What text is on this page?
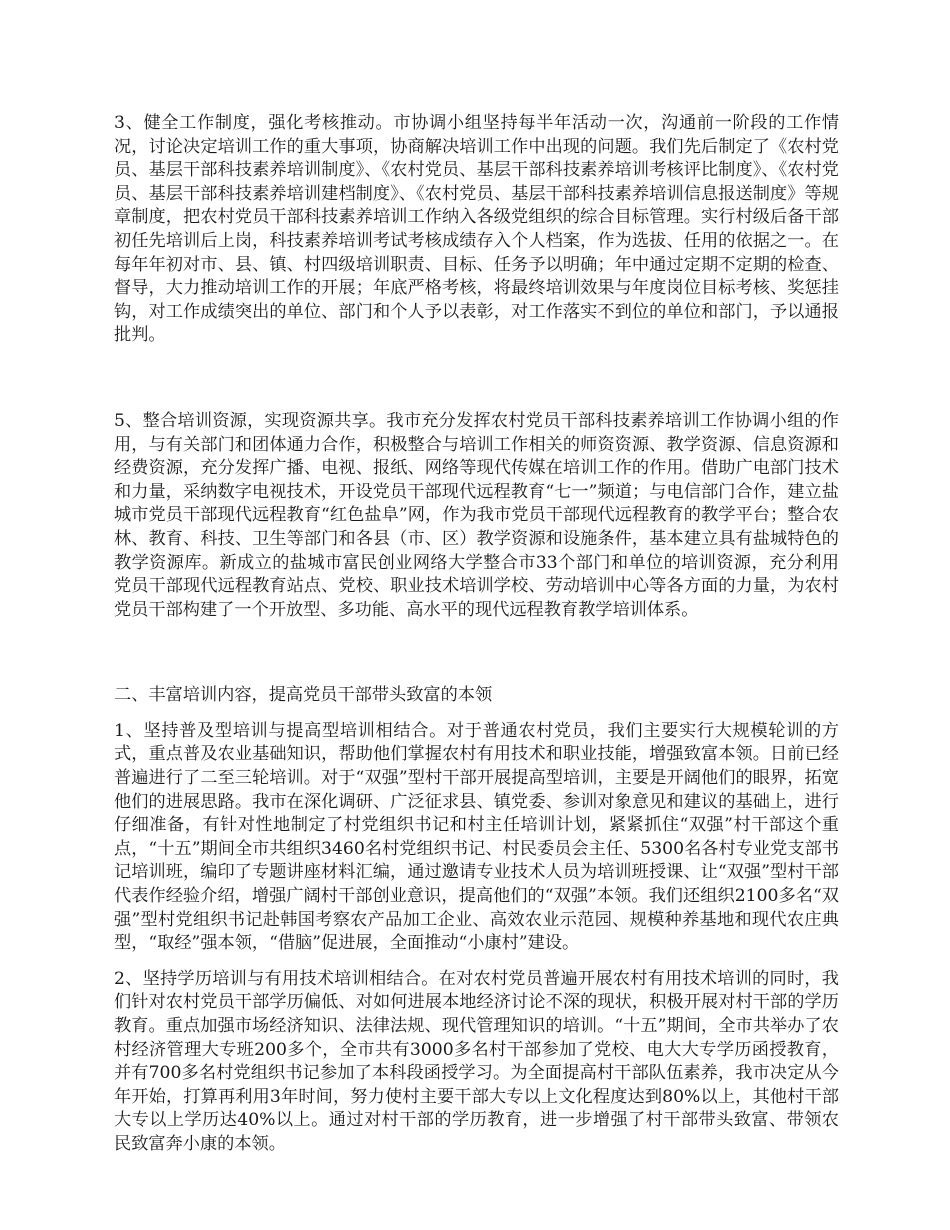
3、健全工作制度，强化考核推动。市协调小组坚持每半年活动一次，沟通前一阶段的工作情况，讨论决定培训工作的重大事项，协商解决培训工作中出现的问题。我们先后制定了《农村党员、基层干部科技素养培训制度》、《农村党员、基层干部科技素养培训考核评比制度》、《农村党员、基层干部科技素养培训建档制度》、《农村党员、基层干部科技素养培训信息报送制度》等规章制度，把农村党员干部科技素养培训工作纳入各级党组织的综合目标管理。实行村级后备干部初任先培训后上岗，科技素养培训考试考核成绩存入个人档案，作为选拔、任用的依据之一。在每年年初对市、县、镇、村四级培训职责、目标、任务予以明确；年中通过定期不定期的检查、督导，大力推动培训工作的开展；年底严格考核，将最终培训效果与年度岗位目标考核、奖惩挂钩，对工作成绩突出的单位、部门和个人予以表彰，对工作落实不到位的单位和部门，予以通报批判。

5、整合培训资源，实现资源共享。我市充分发挥农村党员干部科技素养培训工作协调小组的作用，与有关部门和团体通力合作，积极整合与培训工作相关的师资资源、教学资源、信息资源和经费资源，充分发挥广播、电视、报纸、网络等现代传媒在培训工作的作用。借助广电部门技术和力量，采纳数字电视技术，开设党员干部现代远程教育“七一”频道；与电信部门合作，建立盐城市党员干部现代远程教育“红色盐阜”网，作为我市党员干部现代远程教育的教学平台；整合农林、教育、科技、卫生等部门和各县（市、区）教学资源和设施条件，基本建立具有盐城特色的教学资源库。新成立的盐城市富民创业网络大学整合市33个部门和单位的培训资源，充分利用党员干部现代远程教育站点、党校、职业技术培训学校、劳动培训中心等各方面的力量，为农村党员干部构建了一个开放型、多功能、高水平的现代远程教育教学培训体系。

二、丰富培训内容，提高党员干部带头致富的本领

1、坚持普及型培训与提高型培训相结合。对于普通农村党员，我们主要实行大规模轮训的方式，重点普及农业基础知识，帮助他们掌握农村有用技术和职业技能，增强致富本领。日前已经普遍进行了二至三轮培训。对于“双强”型村干部开展提高型培训，主要是开阔他们的眼界，拓宽他们的进展思路。我市在深化调研、广泛征求县、镇党委、参训对象意见和建议的基础上，进行仔细准备，有针对性地制定了村党组织书记和村主任培训计划，紧紧抓住“双强”村干部这个重点，“十五”期间全市共组织3460名村党组织书记、村民委员会主任、5300名各村专业党支部书记培训班，编印了专题讲座材料汇编，通过邀请专业技术人员为培训班授课、让“双强”型村干部代表作经验介绍，增强广阔村干部创业意识，提高他们的“双强”本领。我们还组织2100多名“双强”型村党组织书记赴韩国考察农产品加工企业、高效农业示范园、规模种养基地和现代农庄典型，“取经”强本领，“借脑”促进展，全面推动“小康村”建设。

2、坚持学历培训与有用技术培训相结合。在对农村党员普遍开展农村有用技术培训的同时，我们针对农村党员干部学历偏低、对如何进展本地经济讨论不深的现状，积极开展对村干部的学历教育。重点加强市场经济知识、法律法规、现代管理知识的培训。“十五”期间，全市共举办了农村经济管理大专班200多个，全市共有3000多名村干部参加了党校、电大大专学历函授教育，并有700多名村党组织书记参加了本科段函授学习。为全面提高村干部队伍素养，我市决定从今年开始，打算再利用3年时间，努力使村主要干部大专以上文化程度达到80%以上，其他村干部大专以上学历达40%以上。通过对村干部的学历教育，进一步增强了村干部带头致富、带领农民致富奔小康的本领。
